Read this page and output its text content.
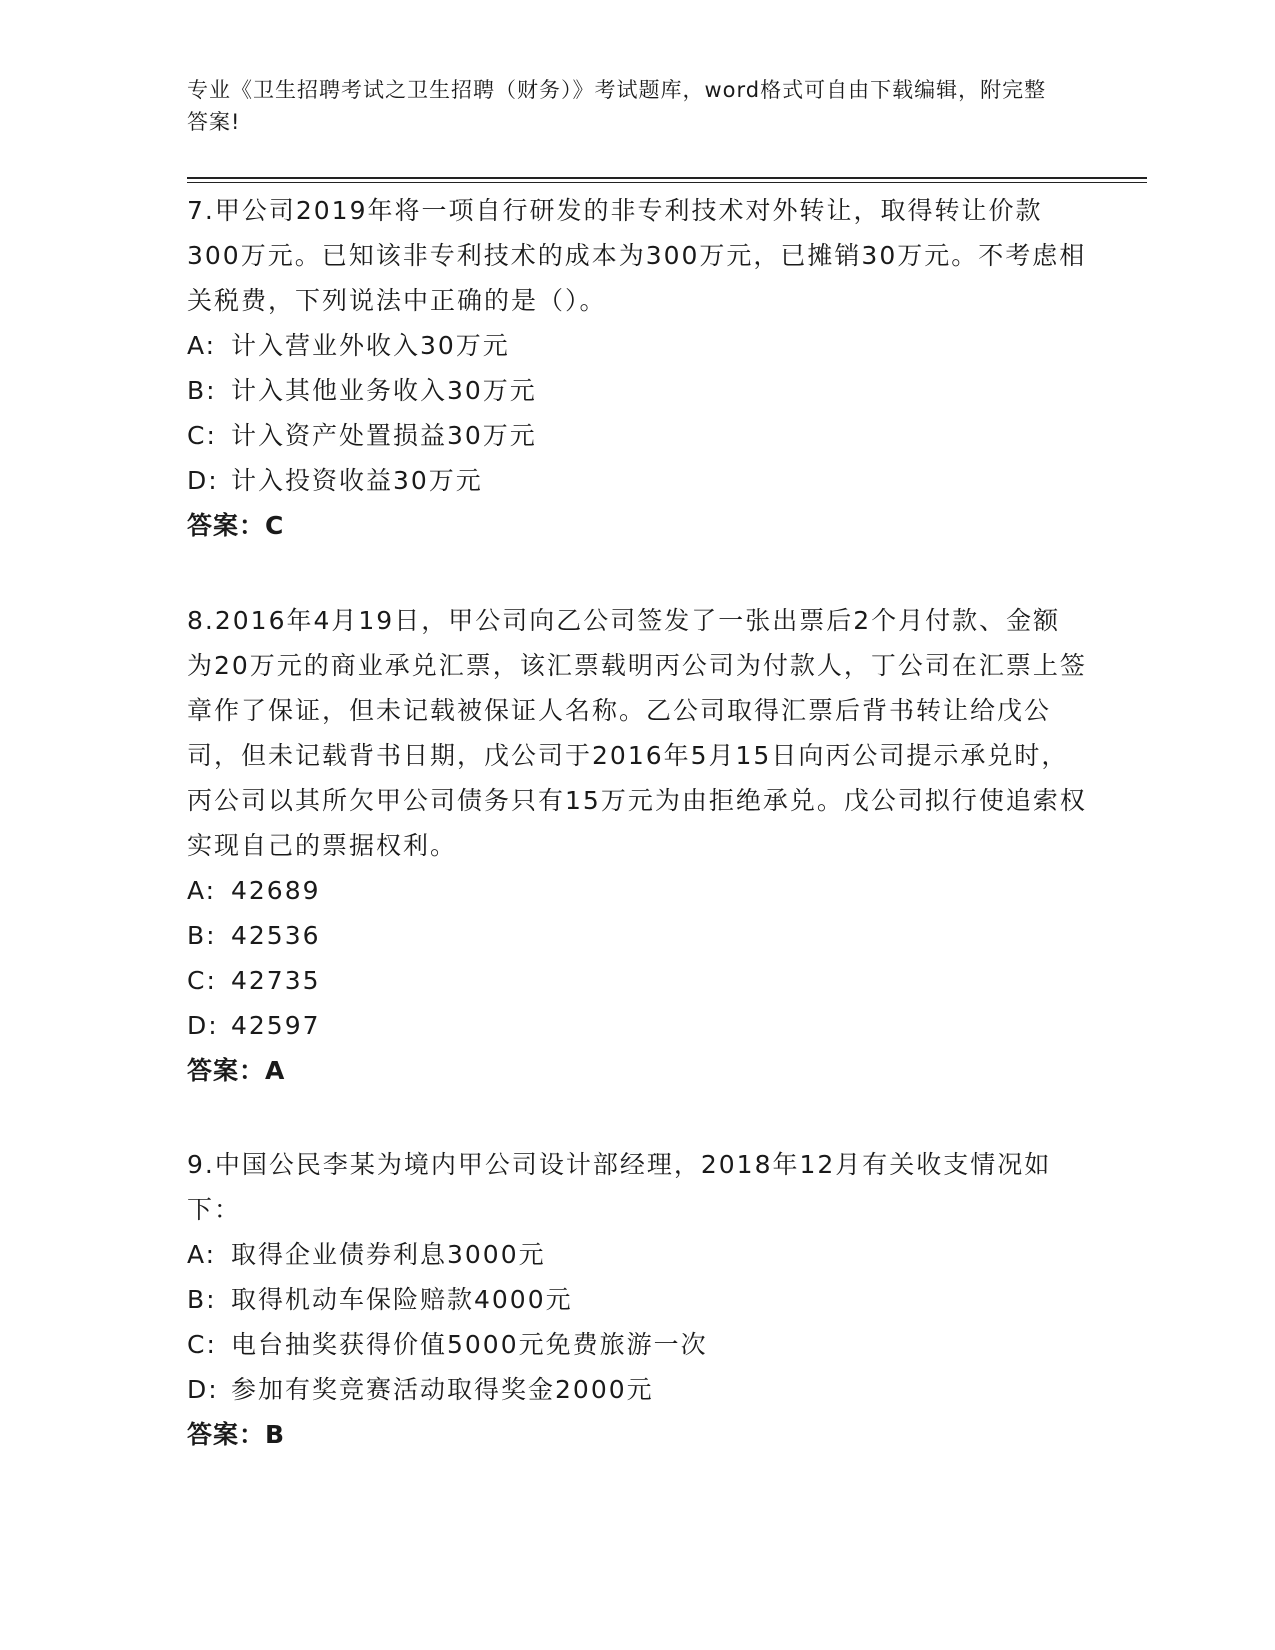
专业《卫生招聘考试之卫生招聘（财务）》考试题库，word格式可自由下载编辑，附完整答案!

7.甲公司2019年将一项自行研发的非专利技术对外转让，取得转让价款300万元。已知该非专利技术的成本为300万元，已摊销30万元。不考虑相关税费，下列说法中正确的是（）。

A: 计入营业外收入30万元
B: 计入其他业务收入30万元
C: 计入资产处置损益30万元
D: 计入投资收益30万元
答案：C

8.2016年4月19日，甲公司向乙公司签发了一张出票后2个月付款、金额为20万元的商业承兑汇票，该汇票载明丙公司为付款人，丁公司在汇票上签章作了保证，但未记载被保证人名称。乙公司取得汇票后背书转让给戊公司，但未记载背书日期，戊公司于2016年5月15日向丙公司提示承兑时，丙公司以其所欠甲公司债务只有15万元为由拒绝承兑。戊公司拟行使追索权实现自己的票据权利。

A: 42689
B: 42536
C: 42735
D: 42597
答案：A

9.中国公民李某为境内甲公司设计部经理，2018年12月有关收支情况如下：

A: 取得企业债券利息3000元
B: 取得机动车保险赔款4000元
C: 电台抽奖获得价值5000元免费旅游一次
D: 参加有奖竞赛活动取得奖金2000元
答案：B
